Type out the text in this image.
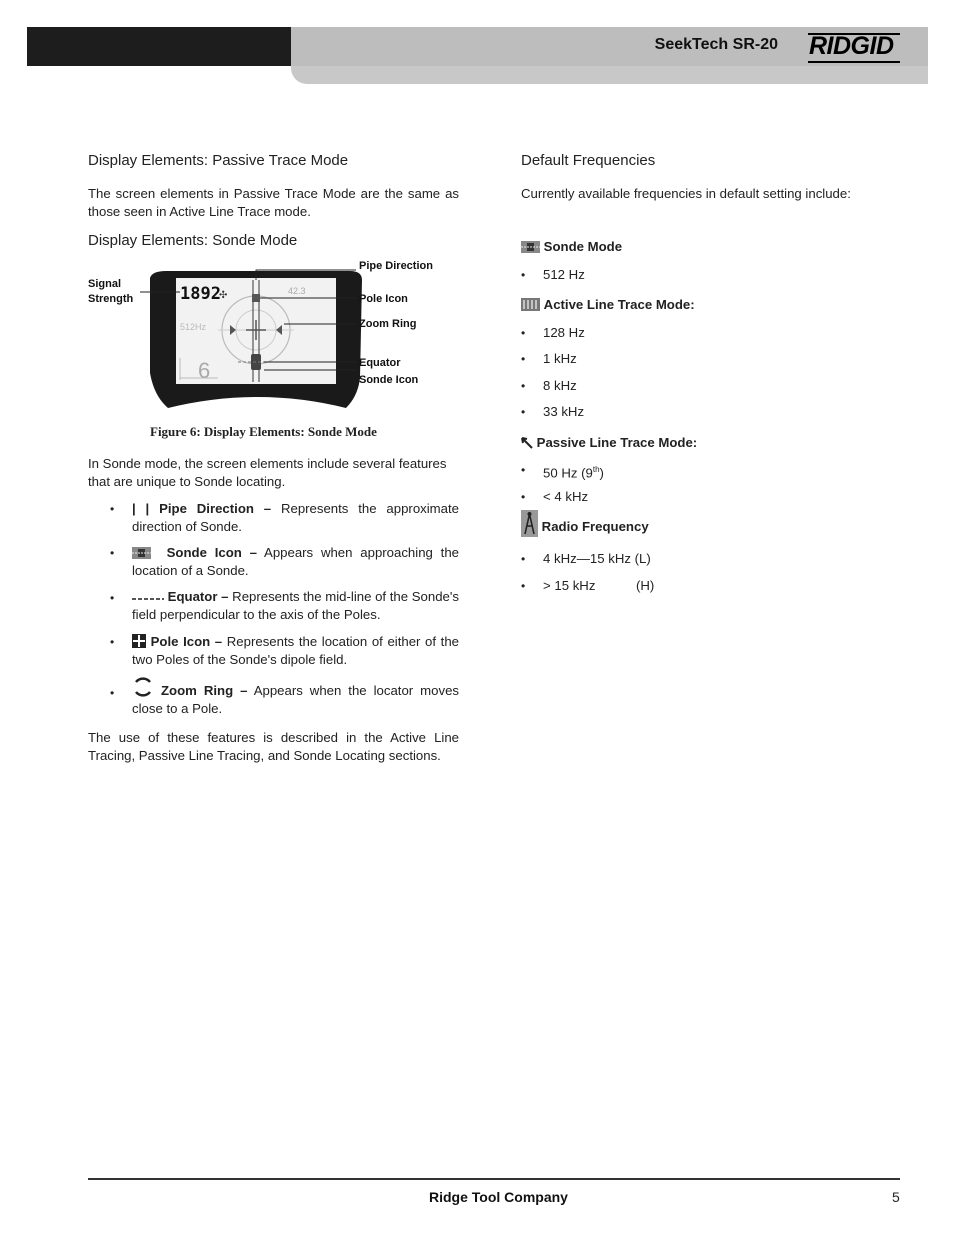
SeekTech SR-20 RIDGID
Display Elements: Passive Trace Mode
The screen elements in Passive Trace Mode are the same as those seen in Active Line Trace mode.
Display Elements: Sonde Mode
1892
✣	42.3
512Hz
6
Signal
Strength
Pipe Direction
Pole Icon
Zoom Ring
Equator
Sonde Icon
Figure 6: Display Elements: Sonde Mode
In Sonde mode, the screen elements include several features that are unique to Sonde locating.
• | | Pipe Direction – Represents the approximate direction of Sonde.
•	Sonde Icon – Appears when approaching the location of a Sonde.
•	Equator – Represents the mid-line of the Sonde's field perpendicular to the axis of the Poles.
•	Pole Icon – Represents the location of either of the two Poles of the Sonde's dipole field.
•	Zoom Ring – Appears when the locator moves close to a Pole.
The use of these features is described in the Active Line Tracing, Passive Line Tracing, and Sonde Locating sections.
Default Frequencies
Currently available frequencies in default setting include:
Sonde Mode
• 512 Hz
Active Line Trace Mode:
• 128 Hz
• 1 kHz
• 8 kHz
• 33 kHz
Passive Line Trace Mode:
• 50 Hz (9th)
• < 4 kHz
Radio Frequency
• 4 kHz—15 kHz (L)
• > 15 kHz	(H)
Ridge Tool Company	5
